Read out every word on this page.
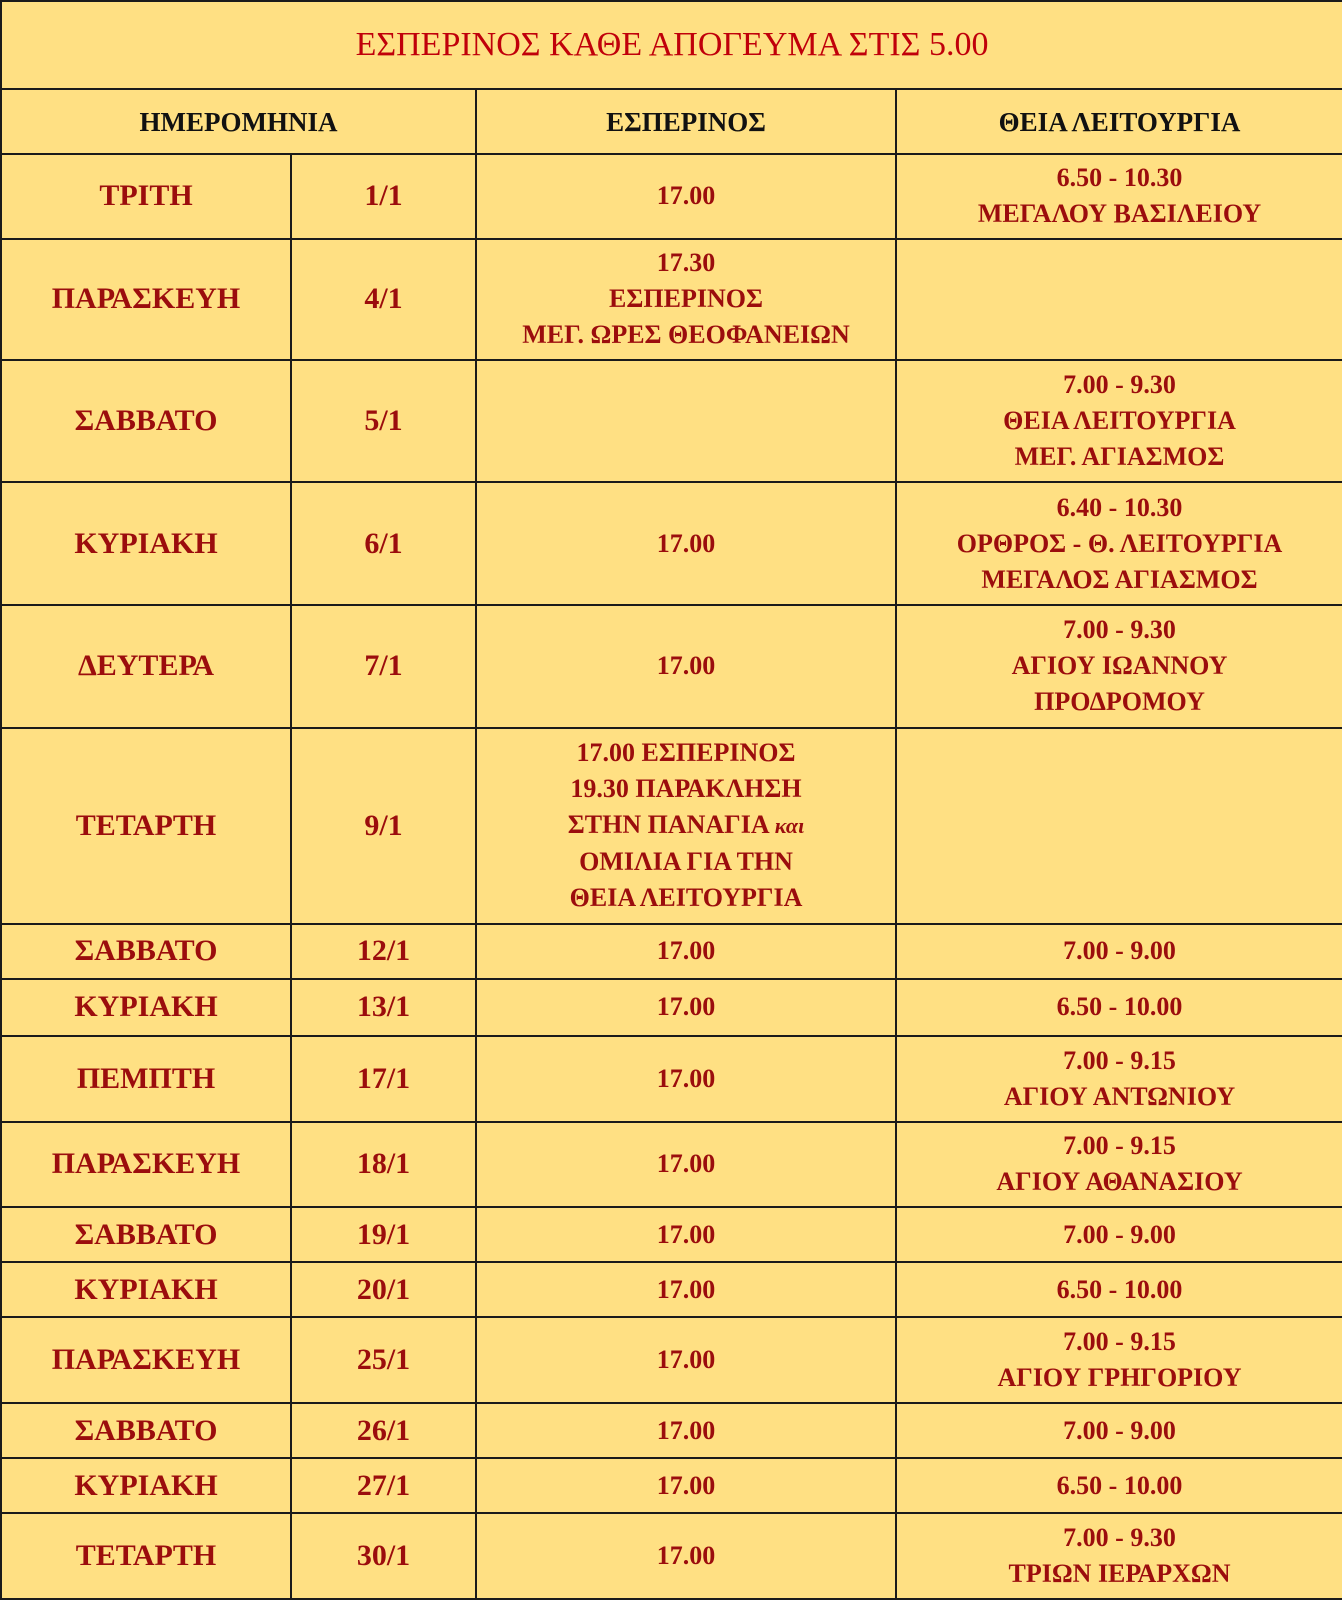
ΕΣΠΕΡΙΝΟΣ ΚΑΘΕ ΑΠΟΓΕΥΜΑ ΣΤΙΣ 5.00			
ΗΜΕΡΟΜΗΝΙΑ		ΕΣΠΕΡΙΝΟΣ	ΘΕΙΑ ΛΕΙΤΟΥΡΓΙΑ
ΤΡΙΤΗ	1/1	17.00	6.50 - 10.30
ΜΕΓΑΛΟΥ ΒΑΣΙΛΕΙΟΥ

ΠΑΡΑΣΚΕΥΗ	4/1	17.30
ΕΣΠΕΡΙΝΟΣ
ΜΕΓ. ΩΡΕΣ ΘΕΟΦΑΝΕΙΩΝ	

ΣΑΒΒΑΤΟ	5/1		7.00 - 9.30
ΘΕΙΑ ΛΕΙΤΟΥΡΓΙΑ
ΜΕΓ. ΑΓΙΑΣΜΟΣ

ΚΥΡΙΑΚΗ	6/1	17.00	6.40 - 10.30
ΟΡΘΡΟΣ - Θ. ΛΕΙΤΟΥΡΓΙΑ
ΜΕΓΑΛΟΣ ΑΓΙΑΣΜΟΣ

ΔΕΥΤΕΡΑ	7/1	17.00	7.00 - 9.30
ΑΓΙΟΥ ΙΩΑΝΝΟΥ
ΠΡΟΔΡΟΜΟΥ

ΤΕΤΑΡΤΗ	9/1	17.00 ΕΣΠΕΡΙΝΟΣ
19.30 ΠΑΡΑΚΛΗΣΗ
ΣΤΗΝ ΠΑΝΑΓΙΑ και
ΟΜΙΛΙΑ ΓΙΑ ΤΗΝ
ΘΕΙΑ ΛΕΙΤΟΥΡΓΙΑ	

ΣΑΒΒΑΤΟ	12/1	17.00	7.00 - 9.00

ΚΥΡΙΑΚΗ	13/1	17.00	6.50 - 10.00

ΠΕΜΠΤΗ	17/1	17.00	7.00 - 9.15
ΑΓΙΟΥ ΑΝΤΩΝΙΟΥ

ΠΑΡΑΣΚΕΥΗ	18/1	17.00	7.00 - 9.15
ΑΓΙΟΥ ΑΘΑΝΑΣΙΟΥ

ΣΑΒΒΑΤΟ	19/1	17.00	7.00 - 9.00

ΚΥΡΙΑΚΗ	20/1	17.00	6.50 - 10.00

ΠΑΡΑΣΚΕΥΗ	25/1	17.00	7.00 - 9.15
ΑΓΙΟΥ ΓΡΗΓΟΡΙΟΥ

ΣΑΒΒΑΤΟ	26/1	17.00	7.00 - 9.00

ΚΥΡΙΑΚΗ	27/1	17.00	6.50 - 10.00

ΤΕΤΑΡΤΗ	30/1	17.00	7.00 - 9.30
ΤΡΙΩΝ ΙΕΡΑΡΧΩΝ
